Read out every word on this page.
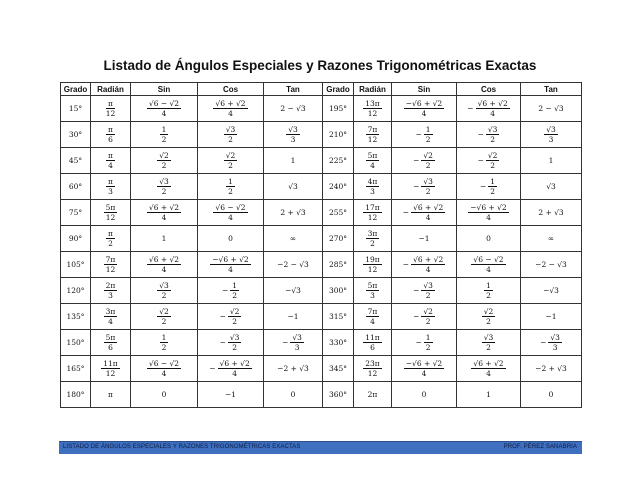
Listado de Ángulos Especiales y Razones Trigonométricas Exactas
Grado	Radián	Sin	Cos	Tan	Grado	Radián	Sin	Cos	Tan
15°	$\frac{\pi}{12}$	$\frac{√6 - √2}{4}$	$\frac{√6 + √2}{4}$	2 − √3	195°	$\frac{13\pi}{12}$	$\frac{-√6 + √2}{4}$	− $\frac{√6 + √2}{4}$	2 − √3
30°	$\frac{\pi}{6}$	$\frac{1}{2}$	$\frac{√3}{2}$	$\frac{√3}{3}$	210°	$\frac{7\pi}{12}$	− $\frac{1}{2}$	− $\frac{√3}{2}$	$\frac{√3}{3}$

45°	$\frac{\pi}{4}$	$\frac{√2}{2}$	$\frac{√2}{2}$	1	225°	$\frac{5\pi}{4}$	− $\frac{√2}{2}$	− $\frac{√2}{2}$	1
60°	$\frac{\pi}{3}$	$\frac{√3}{2}$	$\frac{1}{2}$	√3	240°	$\frac{4\pi}{3}$	− $\frac{√3}{2}$	− $\frac{1}{2}$	√3
75°	$\frac{5\pi}{12}$	$\frac{√6 + √2}{4}$	$\frac{√6 - √2}{4}$	2 + √3	255°	$\frac{17\pi}{12}$	− $\frac{√6 + √2}{4}$	$\frac{-√6 + √2}{4}$	2 + √3
90°	$\frac{\pi}{2}$	1	0	∞	270°	$\frac{3\pi}{2}$	−1	0	∞
105°	$\frac{7\pi}{12}$	$\frac{√6 + √2}{4}$	$\frac{-√6 + √2}{4}$	−2 − √3	285°	$\frac{19\pi}{12}$	− $\frac{√6 + √2}{4}$	$\frac{√6 - √2}{4}$	−2 − √3
120°	$\frac{2\pi}{3}$	$\frac{√3}{2}$	− $\frac{1}{2}$	−√3	300°	$\frac{5\pi}{3}$	− $\frac{√3}{2}$	$\frac{1}{2}$	−√3
135°	$\frac{3\pi}{4}$	$\frac{√2}{2}$	− $\frac{√2}{2}$	−1	315°	$\frac{7\pi}{4}$	− $\frac{√2}{2}$	$\frac{√2}{2}$	−1
150°	$\frac{5\pi}{6}$	$\frac{1}{2}$	− $\frac{√3}{2}$	− $\frac{√3}{3}$	330°	$\frac{11\pi}{6}$	− $\frac{1}{2}$	$\frac{√3}{2}$	− $\frac{√3}{3}$

165°	$\frac{11\pi}{12}$	$\frac{√6 - √2}{4}$	− $\frac{√6 + √2}{4}$	−2 + √3	345°	$\frac{23\pi}{12}$	$\frac{-√6 + √2}{4}$	$\frac{√6 + √2}{4}$	−2 + √3
180°	π	0	−1	0	360°	2π	0	1	0
LISTADO DE ÁNGULOS ESPECIALES Y RAZONES TRIGONOMÉTRICAS EXACTAS	PROF. PÉREZ SANABRIA
